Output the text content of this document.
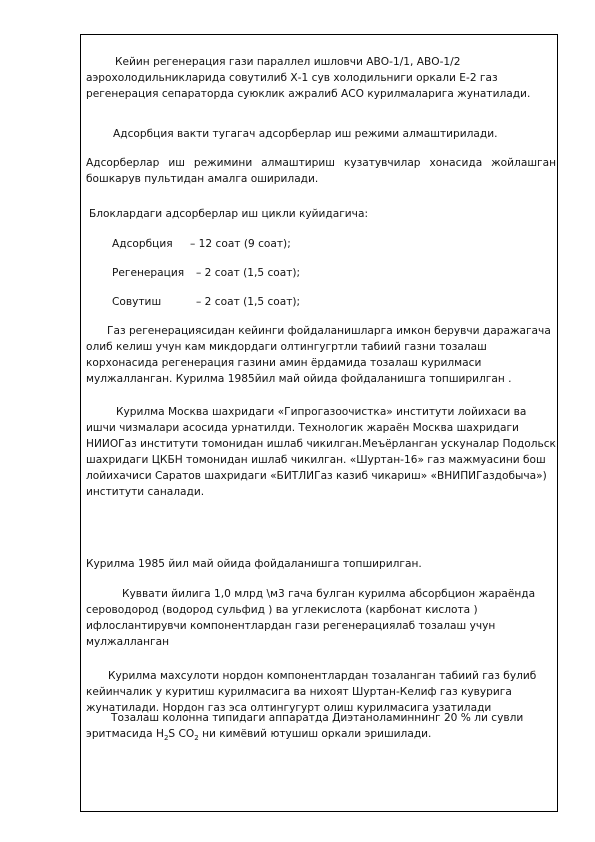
Кейин регенерация гази параллел ишловчи АВО-1/1, АВО-1/2 аэрохолодильникларида совутилиб Х-1 сув холодильниги оркали Е-2 газ регенерация сепараторда суюклик ажралиб АСО курилмаларига жунатилади.

Адсорбция вакти тугагач адсорберлар иш режими алмаштирилади.

Адсорберлар иш режимини алмаштириш кузатувчилар хонасида жойлашган бошкарув пультидан амалга оширилади.

Блоклардаги адсорберлар иш цикли куйидагича:

Адсорбция – 12 соат (9 соат);
Регенерация – 2 соат (1,5 соат);
Совутиш	– 2 соат (1,5 соат);

Газ регенерациясидан кейинги фойдаланишларга имкон берувчи даражагача олиб келиш учун кам микдордаги олтингугртли табиий газни тозалаш корхонасида регенерация газини амин ёрдамида тозалаш курилмаси мулжалланган. Курилма 1985йил май ойида фойдаланишга топширилган .

Курилма Москва шахридаги «Гипрогазоочистка» институти лойихаси ва ишчи чизмалари асосида урнатилди. Технологик жараён Москва шахридаги НИИОГаз институти томонидан ишлаб чикилган.Меъёрланган ускуналар Подольск шахридаги ЦКБН томонидан ишлаб чикилган. «Шуртан-16» газ мажмуасини бош лойихачиси Саратов шахридаги «БИТЛИГаз казиб чикариш» «ВНИПИГаздобыча») институти саналади.

Курилма 1985 йил май ойида фойдаланишга топширилган.

Куввати йилига 1,0 млрд \м3 гача булган курилма абсорбцион жараёнда сероводород (водород сульфид ) ва углекислота (карбонат кислота ) ифлослантирувчи компонентлардан гази регенерациялаб тозалаш учун мулжалланган

Курилма махсулоти нордон компонентлардан тозаланган табиий газ булиб кейинчалик у куритиш курилмасига ва нихоят Шуртан-Келиф газ кувурига жунатилади. Нордон газ эса олтингугурт олиш курилмасига узатилади

Тозалаш колонна типидаги аппаратда Диэтаноламиннинг 20 % ли сувли эритмасида $Н_2S$ $CO_2$ ни кимёвий ютушиш оркали эришилади.
